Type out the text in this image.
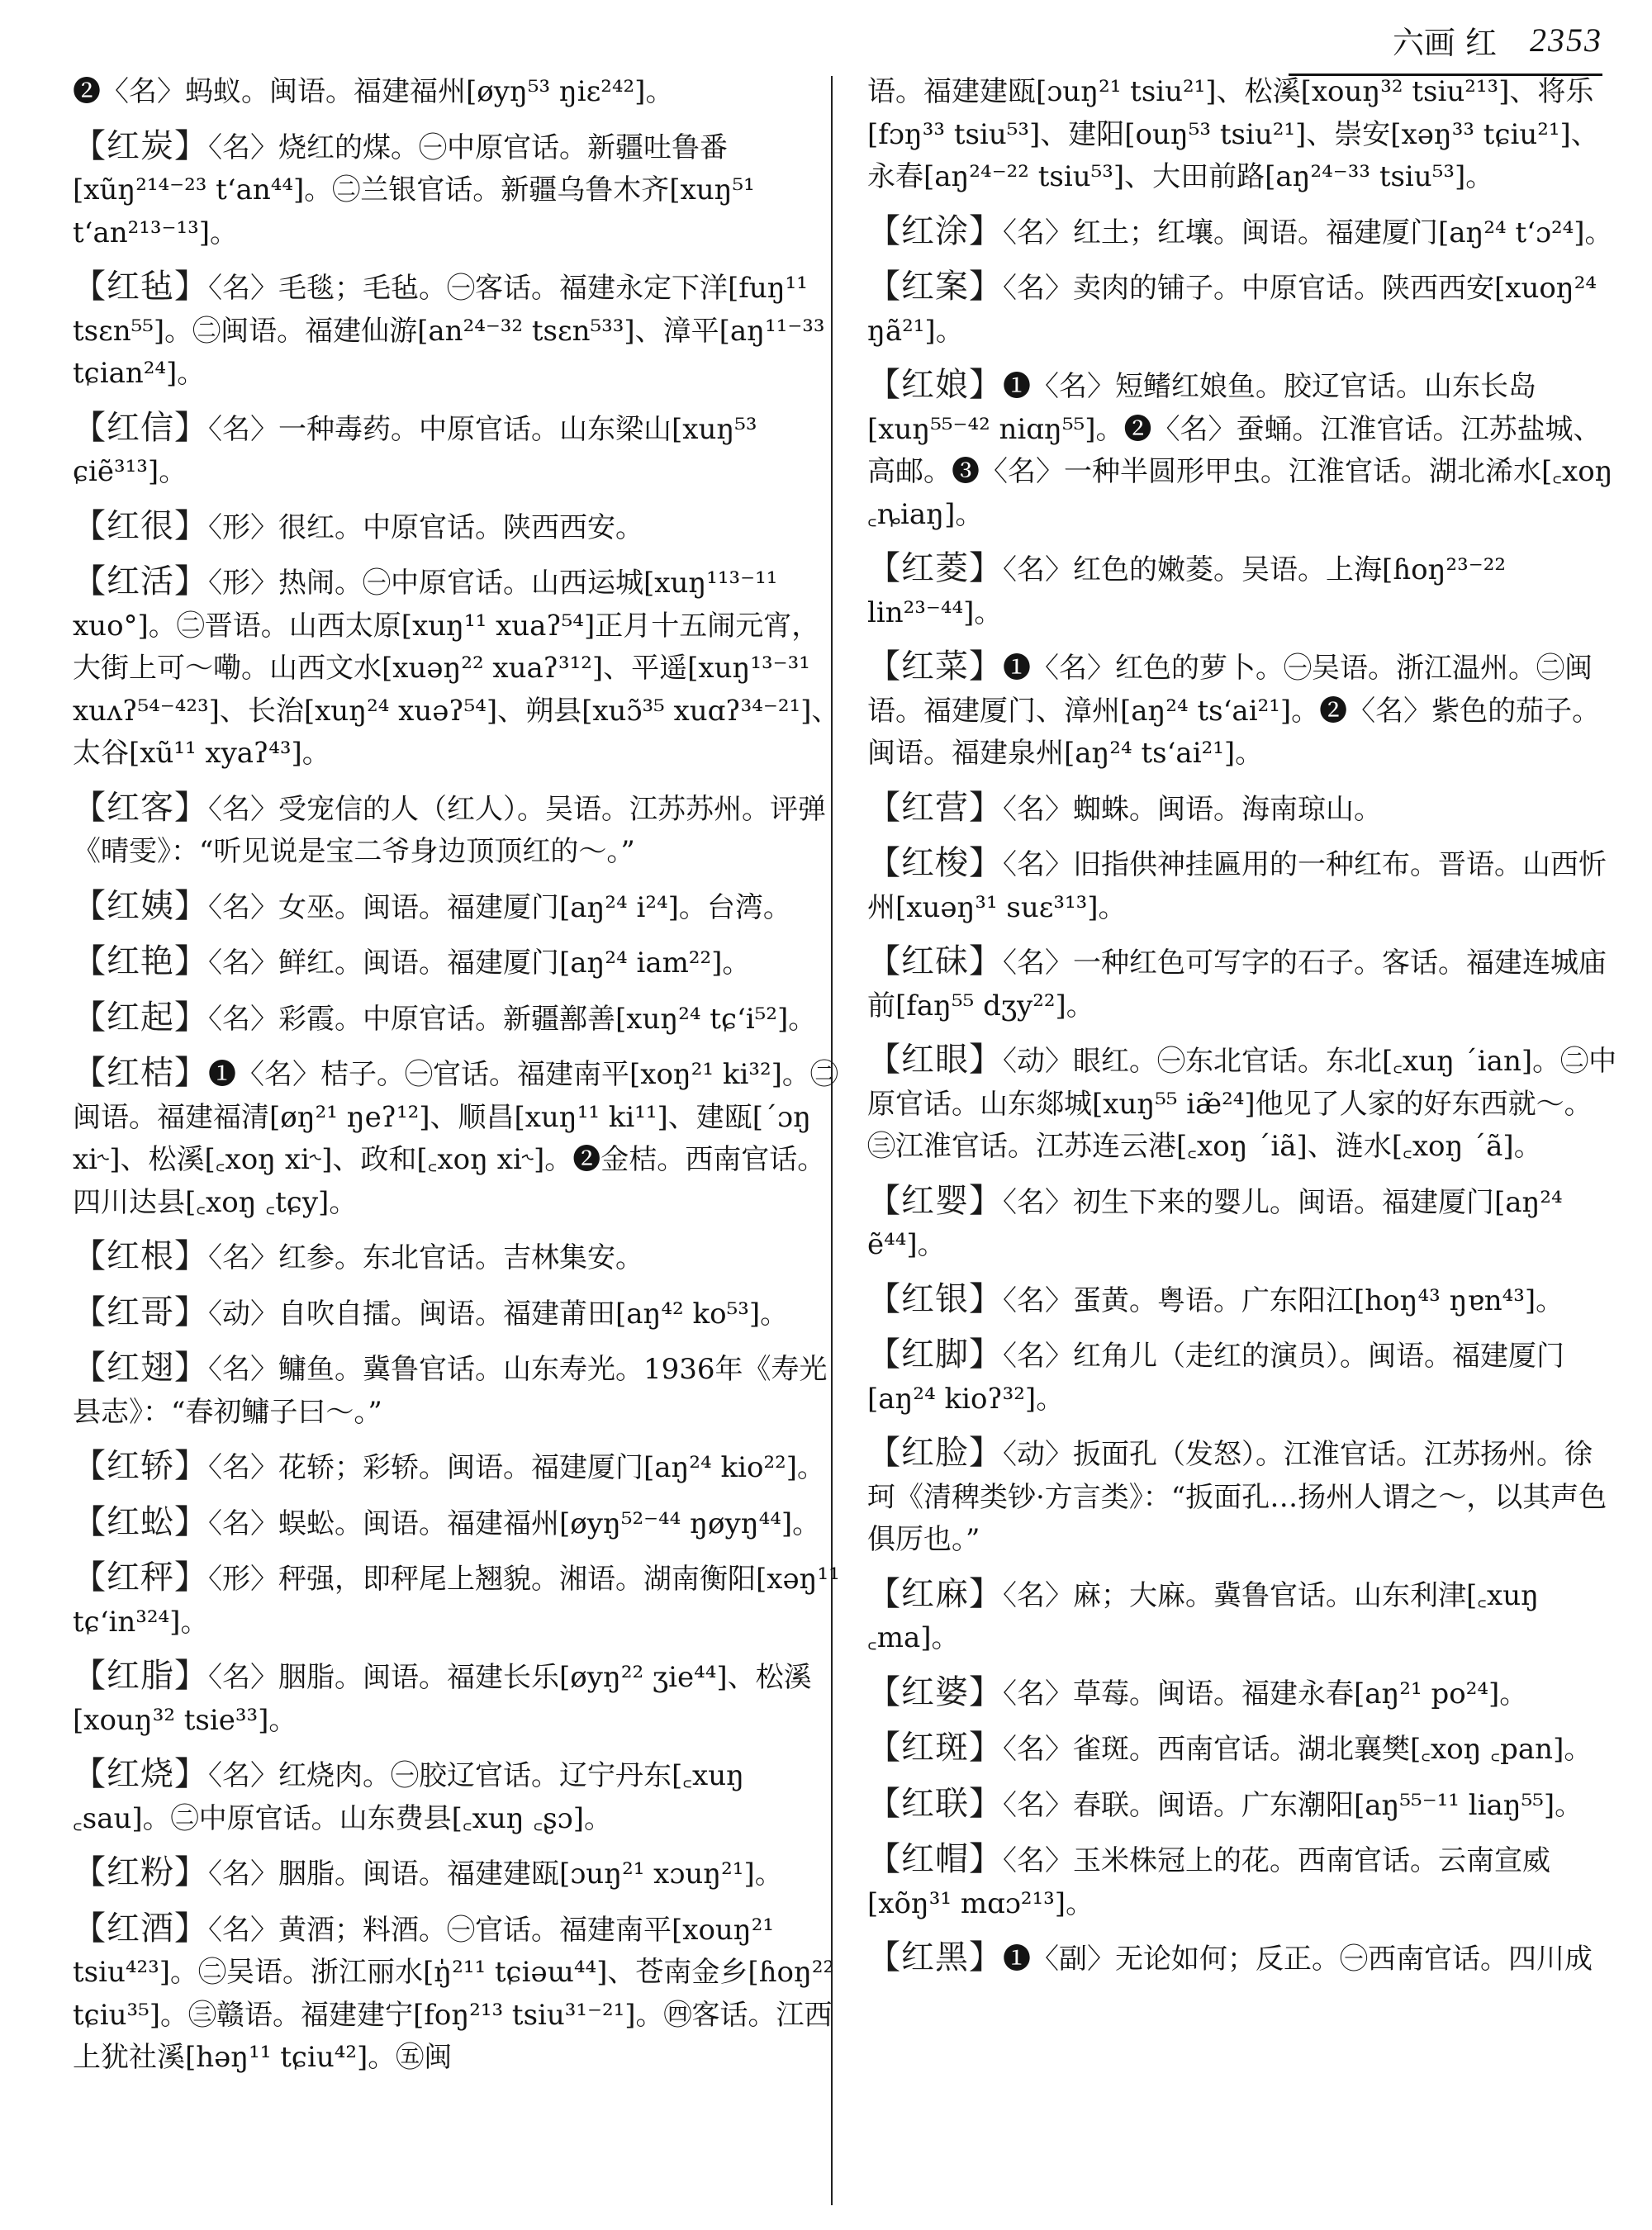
六画 红 2353

❷〈名〉蚂蚁。闽语。福建福州[øyŋ⁵³ ŋiɛ²⁴²]。

【红炭】〈名〉烧红的煤。㊀中原官话。新疆吐鲁番[xũŋ²¹⁴⁻²³ tʻan⁴⁴]。㊁兰银官话。新疆乌鲁木齐[xuŋ⁵¹ tʻan²¹³⁻¹³]。

【红毡】〈名〉毛毯；毛毡。㊀客话。福建永定下洋[fuŋ¹¹ tsɛn⁵⁵]。㊁闽语。福建仙游[an²⁴⁻³² tsɛn⁵³³]、漳平[aŋ¹¹⁻³³ tɕian²⁴]。

【红信】〈名〉一种毒药。中原官话。山东梁山[xuŋ⁵³ ɕiẽ³¹³]。

【红很】〈形〉很红。中原官话。陕西西安。

【红活】〈形〉热闹。㊀中原官话。山西运城[xuŋ¹¹³⁻¹¹ xuo°]。㊁晋语。山西太原[xuŋ¹¹ xuaʔ⁵⁴]正月十五闹元宵，大街上可～嘞。山西文水[xuəŋ²² xuaʔ³¹²]、平遥[xuŋ¹³⁻³¹ xuʌʔ⁵⁴⁻⁴²³]、长治[xuŋ²⁴ xuəʔ⁵⁴]、朔县[xuɔ̃³⁵ xuɑʔ³⁴⁻²¹]、太谷[xũ¹¹ xyaʔ⁴³]。

【红客】〈名〉受宠信的人（红人）。吴语。江苏苏州。评弹《晴雯》：“听见说是宝二爷身边顶顶红的～。”

【红姨】〈名〉女巫。闽语。福建厦门[aŋ²⁴ i²⁴]。台湾。

【红艳】〈名〉鲜红。闽语。福建厦门[aŋ²⁴ iam²²]。

【红起】〈名〉彩霞。中原官话。新疆鄯善[xuŋ²⁴ tɕʻi⁵²]。

【红桔】❶〈名〉桔子。㊀官话。福建南平[xoŋ²¹ ki³²]。㊁闽语。福建福清[øŋ²¹ ŋeʔ¹²]、顺昌[xuŋ¹¹ ki¹¹]、建瓯[ˊɔŋ xi˞]、松溪[꜀xoŋ xi˞]、政和[꜀xoŋ xi˞]。❷金桔。西南官话。四川达县[꜀xoŋ ꜀tɕy]。

【红根】〈名〉红参。东北官话。吉林集安。

【红哥】〈动〉自吹自擂。闽语。福建莆田[aŋ⁴² ko⁵³]。

【红翅】〈名〉鳙鱼。冀鲁官话。山东寿光。1936年《寿光县志》：“春初鳙子曰～。”

【红轿】〈名〉花轿；彩轿。闽语。福建厦门[aŋ²⁴ kio²²]。

【红蚣】〈名〉蜈蚣。闽语。福建福州[øyŋ⁵²⁻⁴⁴ ŋøyŋ⁴⁴]。

【红秤】〈形〉秤强，即秤尾上翘貌。湘语。湖南衡阳[xəŋ¹¹ tɕʻin³²⁴]。

【红脂】〈名〉胭脂。闽语。福建长乐[øyŋ²² ʒie⁴⁴]、松溪[xouŋ³² tsie³³]。

【红烧】〈名〉红烧肉。㊀胶辽官话。辽宁丹东[꜀xuŋ ꜀sau]。㊁中原官话。山东费县[꜀xuŋ ꜀ʂɔ]。

【红粉】〈名〉胭脂。闽语。福建建瓯[ɔuŋ²¹ xɔuŋ²¹]。

【红酒】〈名〉黄酒；料酒。㊀官话。福建南平[xouŋ²¹ tsiu⁴²³]。㊁吴语。浙江丽水[ŋ̍²¹¹ tɕiəɯ⁴⁴]、苍南金乡[ɦoŋ²² tɕiu³⁵]。㊂赣语。福建建宁[foŋ²¹³ tsiu³¹⁻²¹]。㊃客话。江西上犹社溪[həŋ¹¹ tɕiu⁴²]。㊄闽

语。福建建瓯[ɔuŋ²¹ tsiu²¹]、松溪[xouŋ³² tsiu²¹³]、将乐[fɔŋ³³ tsiu⁵³]、建阳[ouŋ⁵³ tsiu²¹]、崇安[xəŋ³³ tɕiu²¹]、永春[aŋ²⁴⁻²² tsiu⁵³]、大田前路[aŋ²⁴⁻³³ tsiu⁵³]。

【红涂】〈名〉红土；红壤。闽语。福建厦门[aŋ²⁴ tʻɔ²⁴]。

【红案】〈名〉卖肉的铺子。中原官话。陕西西安[xuoŋ²⁴ ŋã²¹]。

【红娘】❶〈名〉短鳍红娘鱼。胶辽官话。山东长岛[xuŋ⁵⁵⁻⁴² niɑŋ⁵⁵]。❷〈名〉蚕蛹。江淮官话。江苏盐城、高邮。❸〈名〉一种半圆形甲虫。江淮官话。湖北浠水[꜀xoŋ ꜀ȵiaŋ]。

【红菱】〈名〉红色的嫩菱。吴语。上海[ɦoŋ²³⁻²² lin²³⁻⁴⁴]。

【红菜】❶〈名〉红色的萝卜。㊀吴语。浙江温州。㊁闽语。福建厦门、漳州[aŋ²⁴ tsʻai²¹]。❷〈名〉紫色的茄子。闽语。福建泉州[aŋ²⁴ tsʻai²¹]。

【红营】〈名〉蜘蛛。闽语。海南琼山。

【红梭】〈名〉旧指供神挂匾用的一种红布。晋语。山西忻州[xuəŋ³¹ suɛ³¹³]。

【红砞】〈名〉一种红色可写字的石子。客话。福建连城庙前[faŋ⁵⁵ dʒy²²]。

【红眼】〈动〉眼红。㊀东北官话。东北[꜀xuŋ ˊian]。㊁中原官话。山东郯城[xuŋ⁵⁵ iæ̃²⁴]他见了人家的好东西就～。㊂江淮官话。江苏连云港[꜀xoŋ ˊiã]、涟水[꜀xoŋ ˊã]。

【红婴】〈名〉初生下来的婴儿。闽语。福建厦门[aŋ²⁴ ẽ⁴⁴]。

【红银】〈名〉蛋黄。粤语。广东阳江[hoŋ⁴³ ŋɐn⁴³]。

【红脚】〈名〉红角儿（走红的演员）。闽语。福建厦门[aŋ²⁴ kioʔ³²]。

【红脸】〈动〉扳面孔（发怒）。江淮官话。江苏扬州。徐珂《清稗类钞·方言类》：“扳面孔…扬州人谓之～，以其声色俱厉也。”

【红麻】〈名〉麻；大麻。冀鲁官话。山东利津[꜀xuŋ ꜀ma]。

【红婆】〈名〉草莓。闽语。福建永春[aŋ²¹ po²⁴]。

【红斑】〈名〉雀斑。西南官话。湖北襄樊[꜀xoŋ ꜀pan]。

【红联】〈名〉春联。闽语。广东潮阳[aŋ⁵⁵⁻¹¹ liaŋ⁵⁵]。

【红帽】〈名〉玉米株冠上的花。西南官话。云南宣威[xõŋ³¹ mɑɔ²¹³]。

【红黑】❶〈副〉无论如何；反正。㊀西南官话。四川成
